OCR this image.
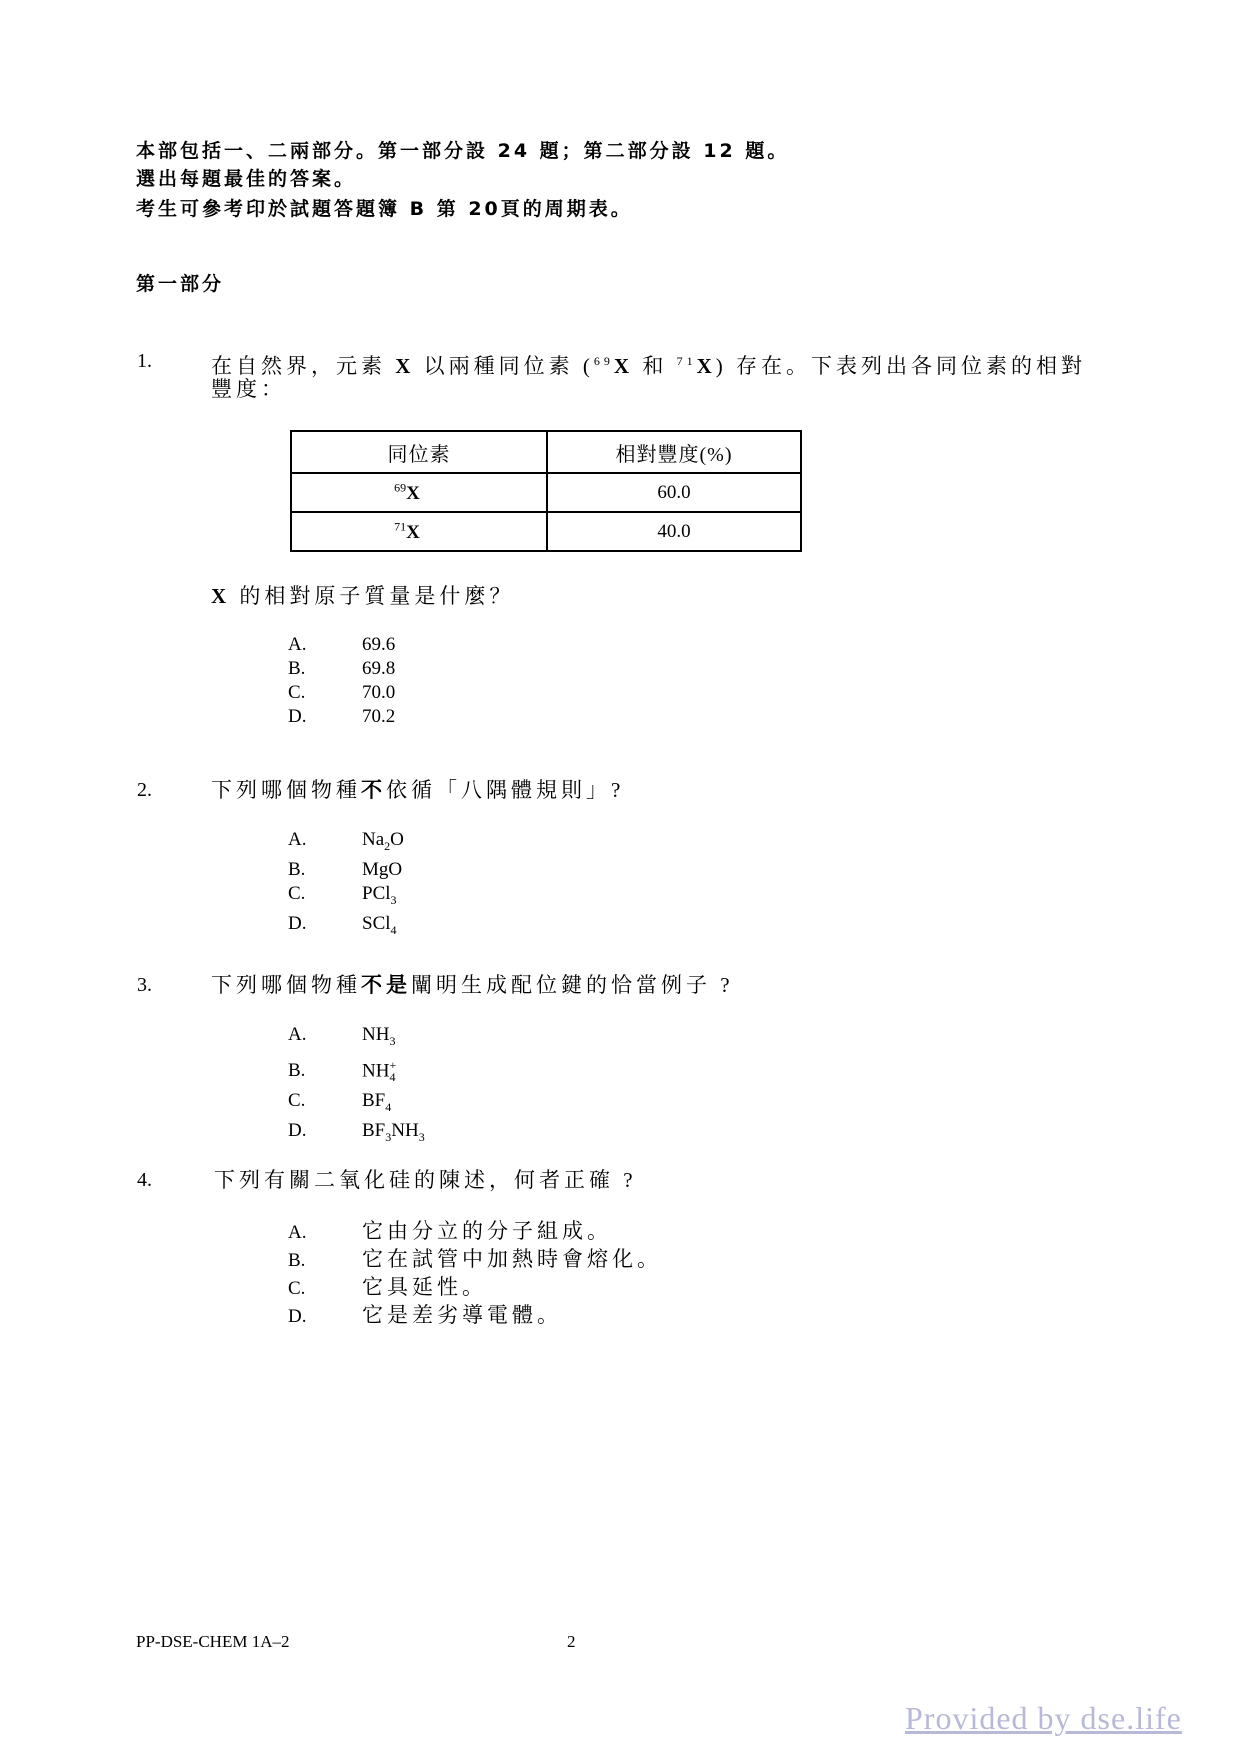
本部包括一、二兩部分。第一部分設 24 題；第二部分設 12 題。
選出每題最佳的答案。
考生可參考印於試題答題簿 B 第 20頁的周期表。
第一部分
1.	在自然界，元素 X 以兩種同位素 ($^{69}$X 和 $^{71}$X) 存在。下表列出各同位素的相對
豐度：
同位素	相對豐度(%)
$^{69}$X	60.0
$^{71}$X	40.0
X 的相對原子質量是什麼？
A.	69.6
B.	69.8
C.	70.0
D.	70.2
2.	下列哪個物種不依循「八隅體規則」?
A.	$Na_2O$
B.	MgO
C.	PCl$_3$
D.	SCl$_4$
3.	下列哪個物種不是闡明生成配位鍵的恰當例子 ?
A.	$NH_3$
B.	$NH_4^+$
C.	$BF_4$
D.	$BF_3NH_3$
4.	下列有關二氧化硅的陳述，何者正確 ?
A.	它由分立的分子組成。
B.	它在試管中加熱時會熔化。
C.	它具延性。
D.	它是差劣導電體。
PP-DSE-CHEM 1A–2	2
Provided by dse.life
